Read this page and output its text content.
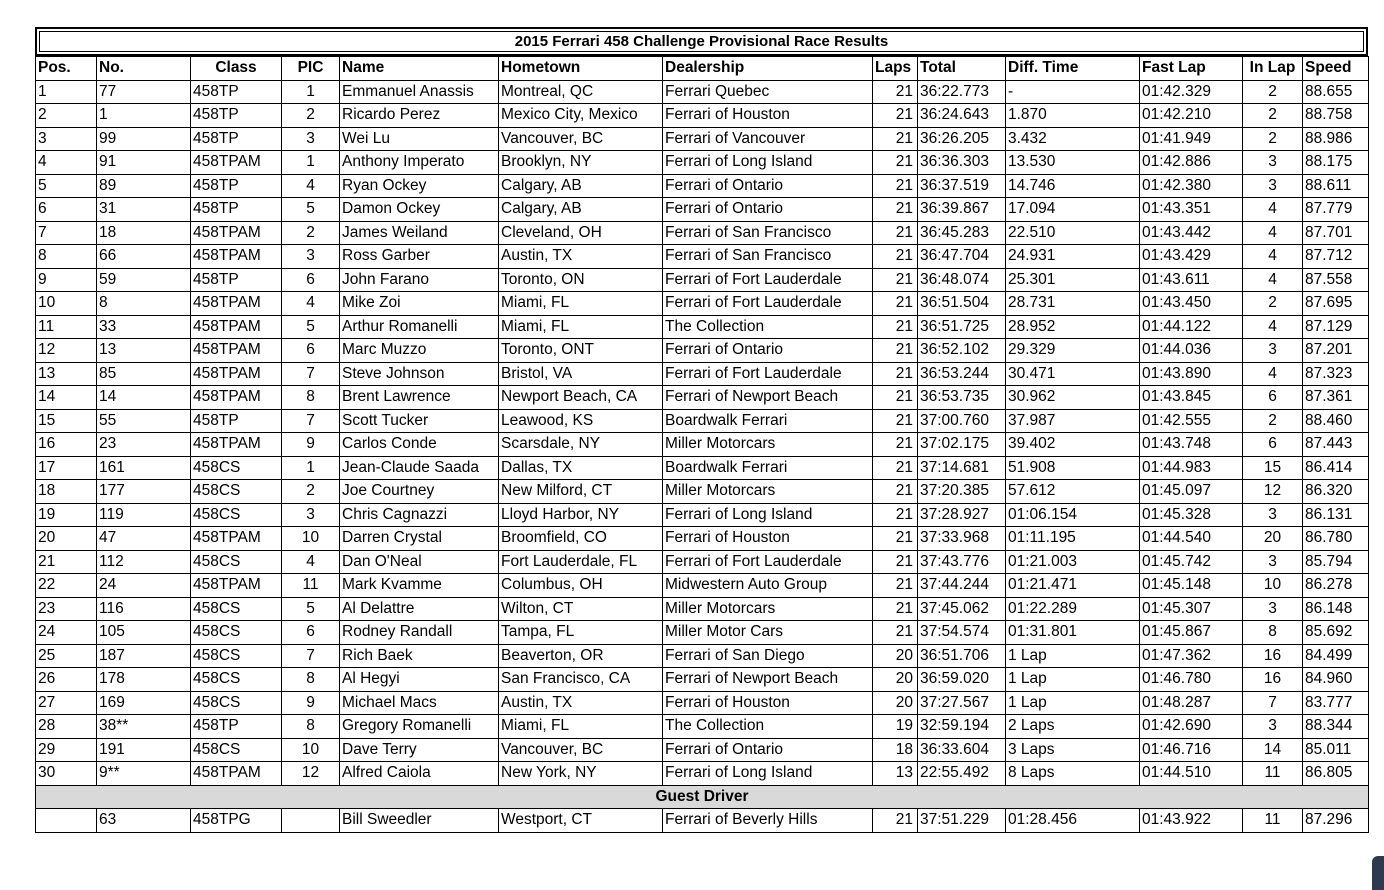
2015 Ferrari 458 Challenge Provisional Race Results
Pos.	No.	Class	PIC	Name	Hometown	Dealership	Laps	Total	Diff. Time	Fast Lap	In Lap	Speed
1	77	458TP	1	Emmanuel Anassis	Montreal, QC	Ferrari Quebec	21	36:22.773	-	01:42.329	2	88.655
2	1	458TP	2	Ricardo Perez	Mexico City, Mexico	Ferrari of Houston	21	36:24.643	1.870	01:42.210	2	88.758
3	99	458TP	3	Wei Lu	Vancouver, BC	Ferrari of Vancouver	21	36:26.205	3.432	01:41.949	2	88.986
4	91	458TPAM	1	Anthony Imperato	Brooklyn, NY	Ferrari of Long Island	21	36:36.303	13.530	01:42.886	3	88.175
5	89	458TP	4	Ryan Ockey	Calgary, AB	Ferrari of Ontario	21	36:37.519	14.746	01:42.380	3	88.611
6	31	458TP	5	Damon Ockey	Calgary, AB	Ferrari of Ontario	21	36:39.867	17.094	01:43.351	4	87.779
7	18	458TPAM	2	James Weiland	Cleveland, OH	Ferrari of San Francisco	21	36:45.283	22.510	01:43.442	4	87.701
8	66	458TPAM	3	Ross Garber	Austin, TX	Ferrari of San Francisco	21	36:47.704	24.931	01:43.429	4	87.712
9	59	458TP	6	John Farano	Toronto, ON	Ferrari of Fort Lauderdale	21	36:48.074	25.301	01:43.611	4	87.558
10	8	458TPAM	4	Mike Zoi	Miami, FL	Ferrari of Fort Lauderdale	21	36:51.504	28.731	01:43.450	2	87.695
11	33	458TPAM	5	Arthur Romanelli	Miami, FL	The Collection	21	36:51.725	28.952	01:44.122	4	87.129
12	13	458TPAM	6	Marc Muzzo	Toronto, ONT	Ferrari of Ontario	21	36:52.102	29.329	01:44.036	3	87.201
13	85	458TPAM	7	Steve Johnson	Bristol, VA	Ferrari of Fort Lauderdale	21	36:53.244	30.471	01:43.890	4	87.323
14	14	458TPAM	8	Brent Lawrence	Newport Beach, CA	Ferrari of Newport Beach	21	36:53.735	30.962	01:43.845	6	87.361
15	55	458TP	7	Scott Tucker	Leawood, KS	Boardwalk Ferrari	21	37:00.760	37.987	01:42.555	2	88.460
16	23	458TPAM	9	Carlos Conde	Scarsdale, NY	Miller Motorcars	21	37:02.175	39.402	01:43.748	6	87.443
17	161	458CS	1	Jean-Claude Saada	Dallas, TX	Boardwalk Ferrari	21	37:14.681	51.908	01:44.983	15	86.414
18	177	458CS	2	Joe Courtney	New Milford, CT	Miller Motorcars	21	37:20.385	57.612	01:45.097	12	86.320
19	119	458CS	3	Chris Cagnazzi	Lloyd Harbor, NY	Ferrari of Long Island	21	37:28.927	01:06.154	01:45.328	3	86.131
20	47	458TPAM	10	Darren Crystal	Broomfield, CO	Ferrari of Houston	21	37:33.968	01:11.195	01:44.540	20	86.780
21	112	458CS	4	Dan O'Neal	Fort Lauderdale, FL	Ferrari of Fort Lauderdale	21	37:43.776	01:21.003	01:45.742	3	85.794
22	24	458TPAM	11	Mark Kvamme	Columbus, OH	Midwestern Auto Group	21	37:44.244	01:21.471	01:45.148	10	86.278
23	116	458CS	5	Al Delattre	Wilton, CT	Miller Motorcars	21	37:45.062	01:22.289	01:45.307	3	86.148
24	105	458CS	6	Rodney Randall	Tampa, FL	Miller Motor Cars	21	37:54.574	01:31.801	01:45.867	8	85.692
25	187	458CS	7	Rich Baek	Beaverton, OR	Ferrari of San Diego	20	36:51.706	1 Lap	01:47.362	16	84.499
26	178	458CS	8	Al Hegyi	San Francisco, CA	Ferrari of Newport Beach	20	36:59.020	1 Lap	01:46.780	16	84.960
27	169	458CS	9	Michael Macs	Austin, TX	Ferrari of Houston	20	37:27.567	1 Lap	01:48.287	7	83.777
28	38**	458TP	8	Gregory Romanelli	Miami, FL	The Collection	19	32:59.194	2 Laps	01:42.690	3	88.344
29	191	458CS	10	Dave Terry	Vancouver, BC	Ferrari of Ontario	18	36:33.604	3 Laps	01:46.716	14	85.011
30	9**	458TPAM	12	Alfred Caiola	New York, NY	Ferrari of Long Island	13	22:55.492	8 Laps	01:44.510	11	86.805
Guest Driver												
	63	458TPG		Bill Sweedler	Westport, CT	Ferrari of Beverly Hills	21	37:51.229	01:28.456	01:43.922	11	87.296
